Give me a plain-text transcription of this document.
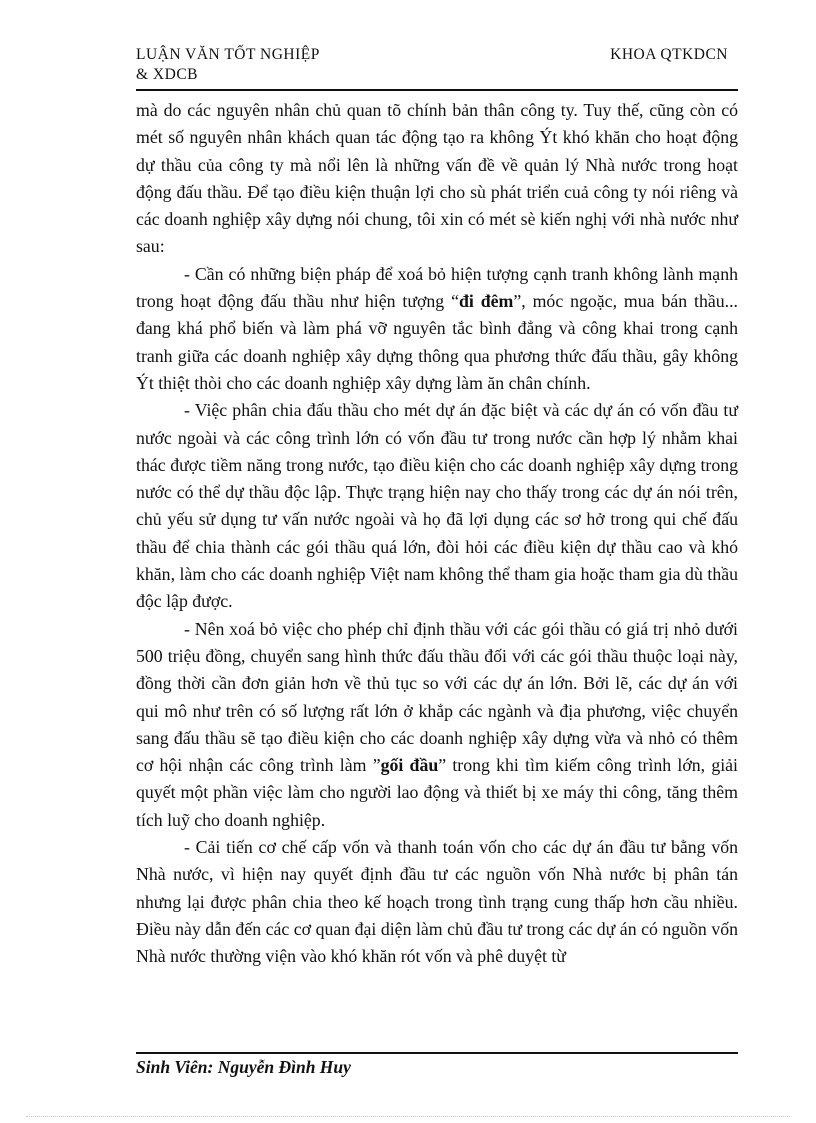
LUẬN VĂN TỐT NGHIỆP	KHOA QTKDCN
& XDCB

mà do các nguyên nhân chủ quan tõ chính bản thân công ty. Tuy thế, cũng còn có mét số nguyên nhân khách quan tác động tạo ra không Ýt khó khăn cho hoạt động dự thầu của công ty mà nổi lên là những vấn đề về quản lý Nhà nước trong hoạt động đấu thầu. Để tạo điều kiện thuận lợi cho sù phát triển cuả công ty nói riêng và các doanh nghiệp xây dựng nói chung, tôi xin có mét sè kiến nghị với nhà nước như sau:

- Cần có những biện pháp để xoá bỏ hiện tượng cạnh tranh không lành mạnh trong hoạt động đấu thầu như hiện tượng “đi đêm”, móc ngoặc, mua bán thầu... đang khá phổ biến và làm phá vỡ nguyên tắc bình đẳng và công khai trong cạnh tranh giữa các doanh nghiệp xây dựng thông qua phương thức đấu thầu, gây không Ýt thiệt thòi cho các doanh nghiệp xây dựng làm ăn chân chính.

- Việc phân chia đấu thầu cho mét dự án đặc biệt và các dự án có vốn đầu tư nước ngoài và các công trình lớn có vốn đầu tư trong nước cần hợp lý nhằm khai thác được tiềm năng trong nước, tạo điều kiện cho các doanh nghiệp xây dựng trong nước có thể dự thầu độc lập. Thực trạng hiện nay cho thấy trong các dự án nói trên, chủ yếu sử dụng tư vấn nước ngoài và họ đã lợi dụng các sơ hở trong qui chế đấu thầu để chia thành các gói thầu quá lớn, đòi hỏi các điều kiện dự thầu cao và khó khăn, làm cho các doanh nghiệp Việt nam không thể tham gia hoặc tham gia dù thầu độc lập được.

- Nên xoá bỏ việc cho phép chỉ định thầu với các gói thầu có giá trị nhỏ dưới 500 triệu đồng, chuyển sang hình thức đấu thầu đối với các gói thầu thuộc loại này, đồng thời cần đơn giản hơn về thủ tục so với các dự án lớn. Bởi lẽ, các dự án với qui mô như trên có số lượng rất lớn ở khắp các ngành và địa phương, việc chuyển sang đấu thầu sẽ tạo điều kiện cho các doanh nghiệp xây dựng vừa và nhỏ có thêm cơ hội nhận các công trình làm ”gối đầu” trong khi tìm kiếm công trình lớn, giải quyết một phần việc làm cho người lao động và thiết bị xe máy thi công, tăng thêm tích luỹ cho doanh nghiệp.

- Cải tiến cơ chế cấp vốn và thanh toán vốn cho các dự án đầu tư bằng vốn Nhà nước, vì hiện nay quyết định đầu tư các nguồn vốn Nhà nước bị phân tán nhưng lại được phân chia theo kế hoạch trong tình trạng cung thấp hơn cầu nhiều. Điều này dẫn đến các cơ quan đại diện làm chủ đầu tư trong các dự án có nguồn vốn Nhà nước thường viện vào khó khăn rót vốn và phê duyệt từ

Sinh Viên: Nguyễn Đình Huy
